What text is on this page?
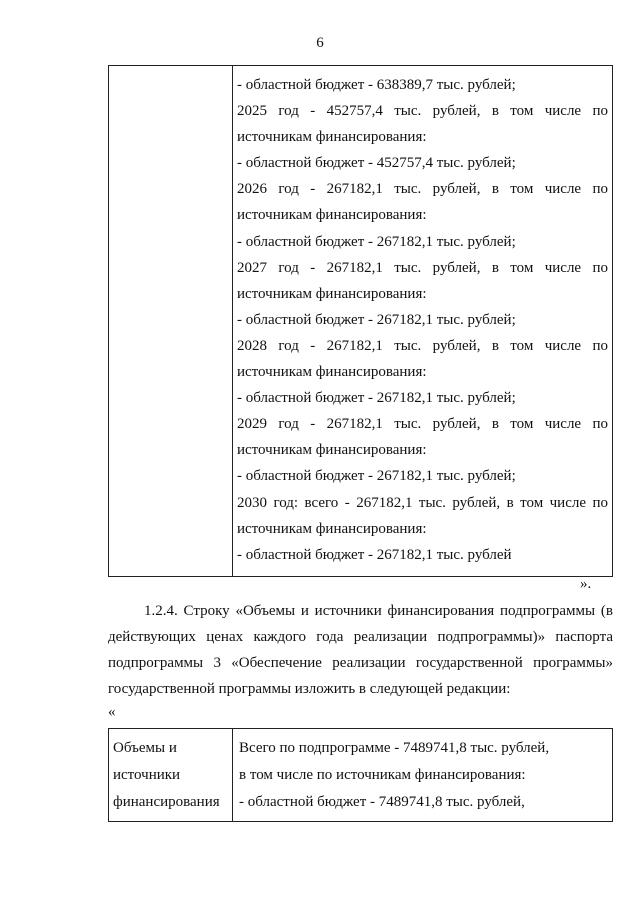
6
- областной бюджет - 638389,7 тыс. рублей;
2025 год - 452757,4 тыс. рублей, в том числе по
источникам финансирования:
- областной бюджет - 452757,4 тыс. рублей;
2026 год - 267182,1 тыс. рублей, в том числе по
источникам финансирования:
- областной бюджет - 267182,1 тыс. рублей;
2027 год - 267182,1 тыс. рублей, в том числе по
источникам финансирования:
- областной бюджет - 267182,1 тыс. рублей;
2028 год - 267182,1 тыс. рублей, в том числе по
источникам финансирования:
- областной бюджет - 267182,1 тыс. рублей;
2029 год - 267182,1 тыс. рублей, в том числе по
источникам финансирования:
- областной бюджет - 267182,1 тыс. рублей;
2030 год: всего - 267182,1 тыс. рублей, в том числе по
источникам финансирования:
- областной бюджет - 267182,1 тыс. рублей
».
1.2.4. Строку «Объемы и источники финансирования подпрограммы (в
действующих ценах каждого года реализации подпрограммы)» паспорта
подпрограммы 3 «Обеспечение реализации государственной программы»
государственной программы изложить в следующей редакции:
«
Объемы и
источники
финансирования
Всего по подпрограмме - 7489741,8 тыс. рублей,
в том числе по источникам финансирования:
- областной бюджет - 7489741,8 тыс. рублей,
